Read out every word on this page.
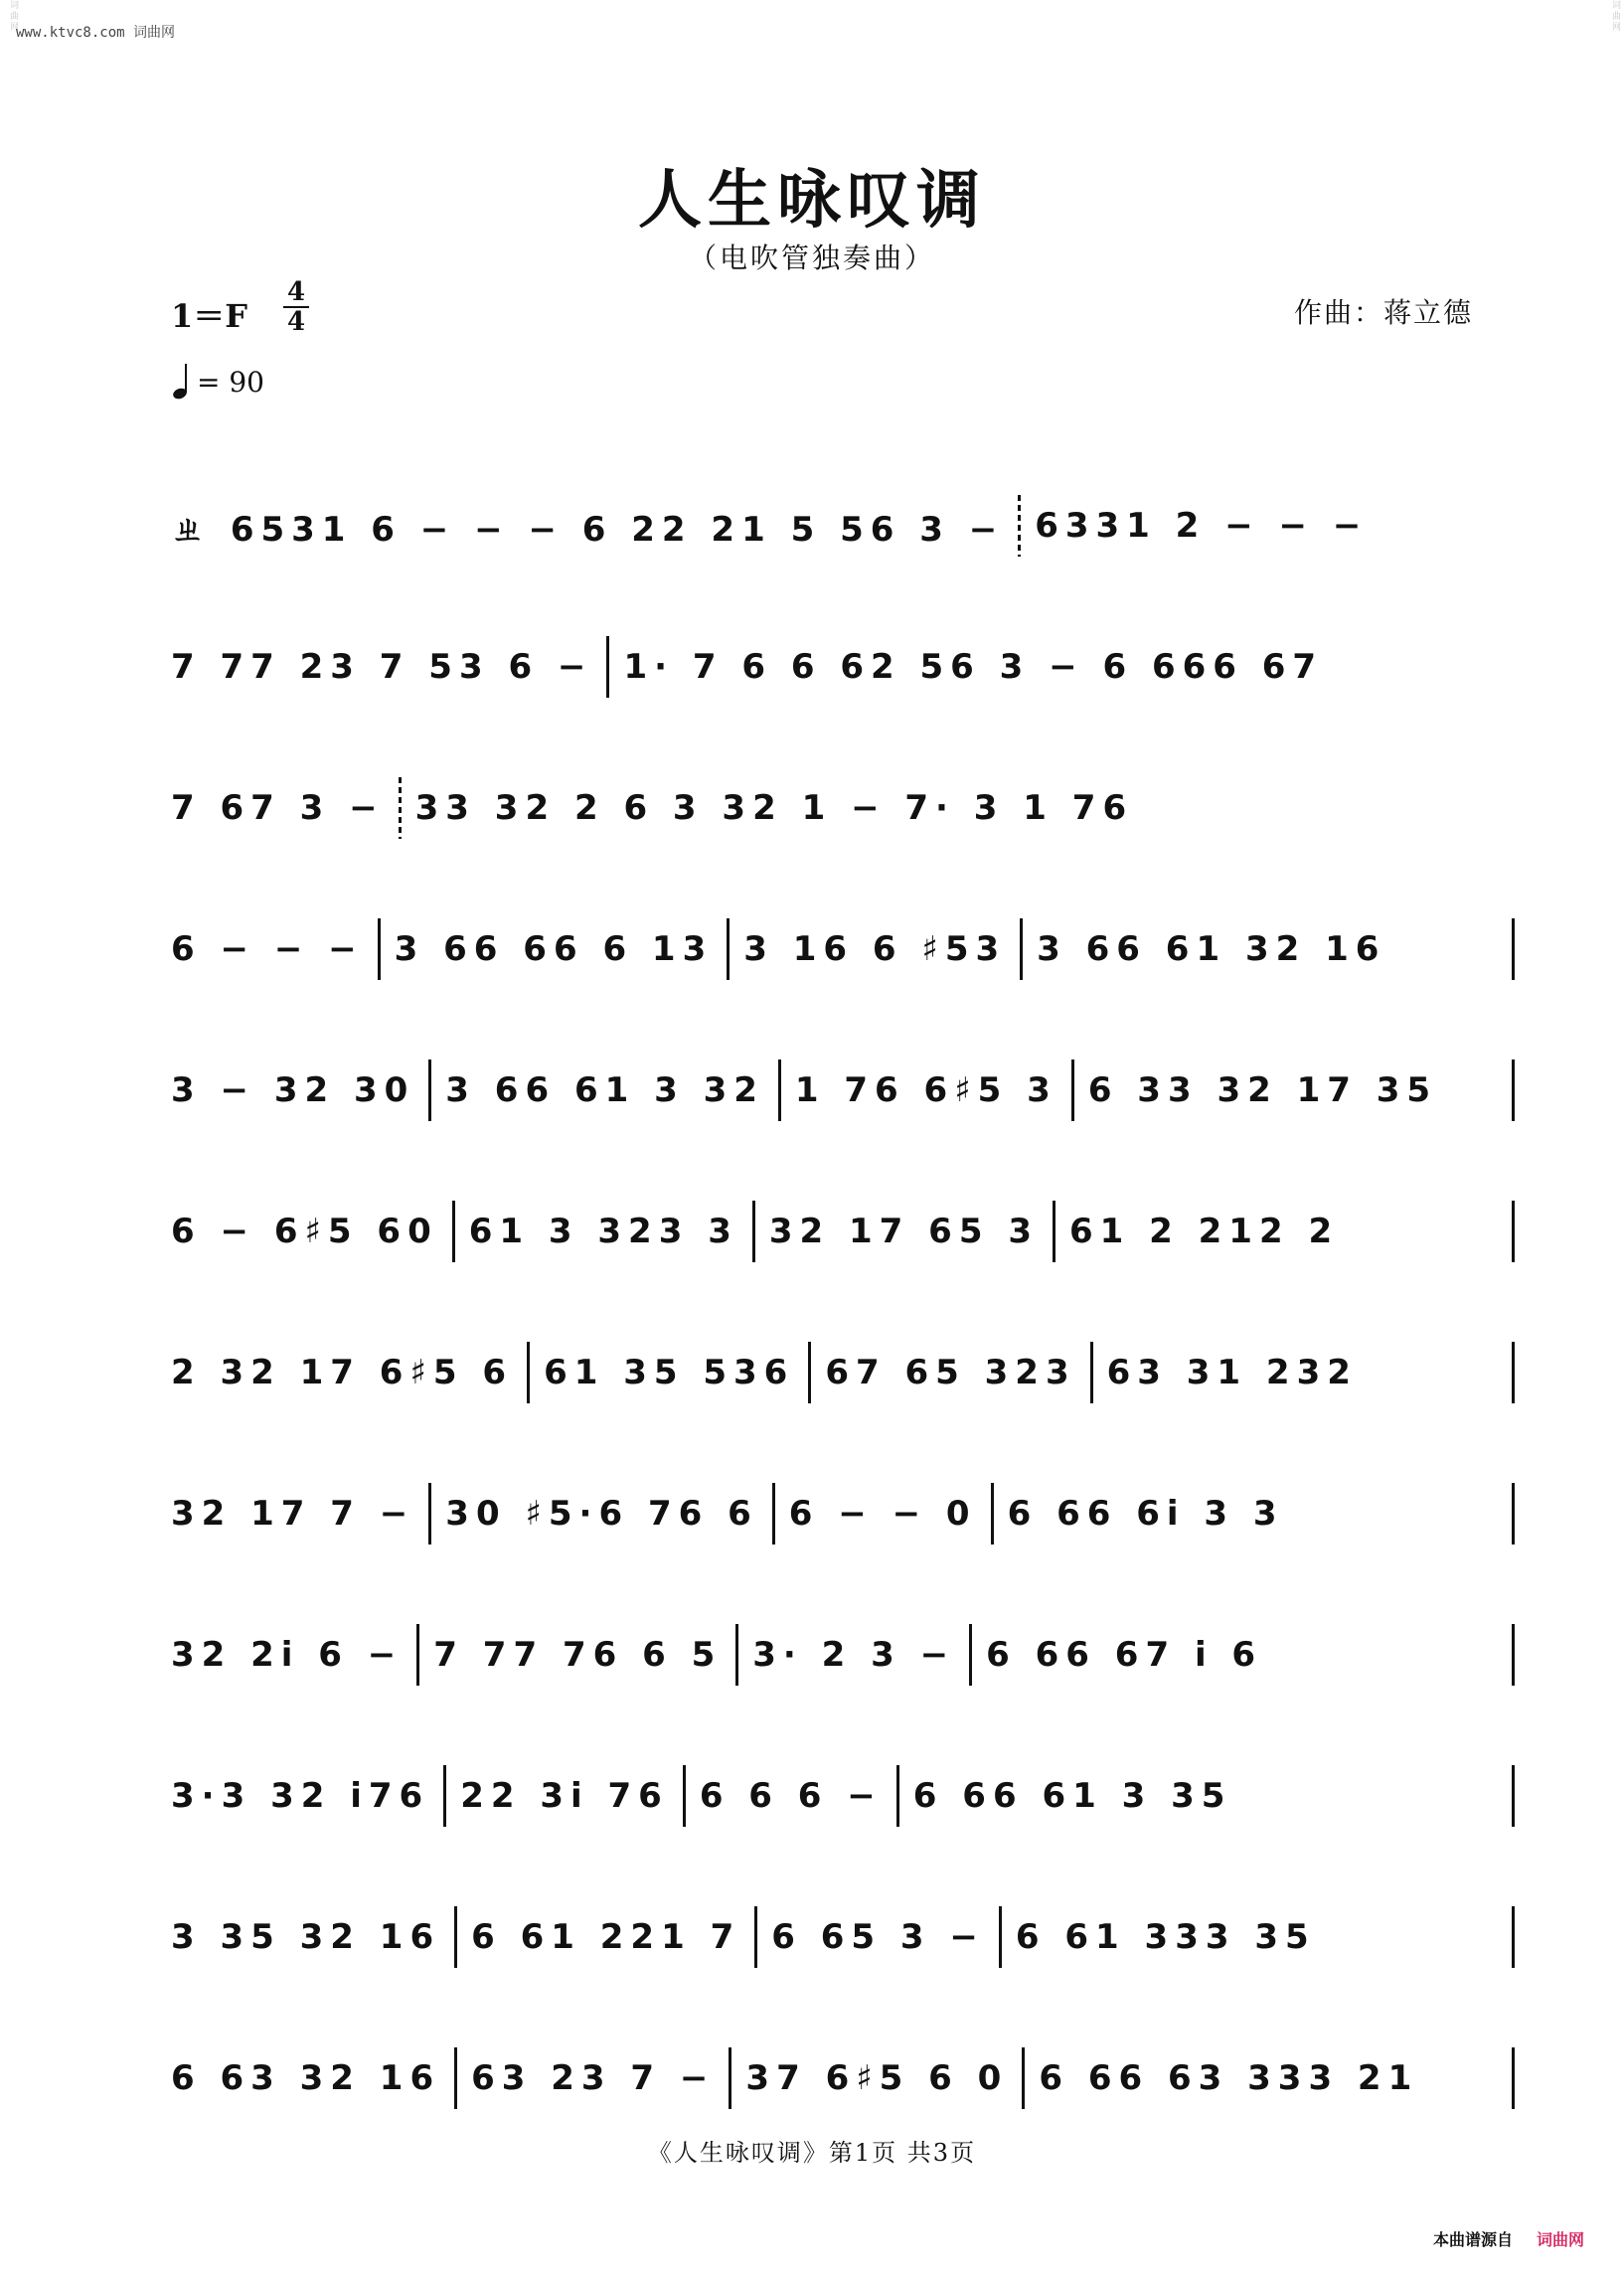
词曲网	词曲网
www.ktvc8.com 词曲网
人生咏叹调
（电吹管独奏曲）
1＝F
4
4	作曲：蒋立德
= 90
ㄓ 6531 6 − − − 6 22 21 5 56 3 − 6331 2 − − −
7 77 23 7 53 6 − 1· 7 6 6 62 56 3 − 6 666 67
7 67 3 − 33 32 2 6 3 32 1 − 7· 3 1 76
6 − − − 3 66 66 6 13 3 16 6 ♯53 3 66 61 32 16
3 − 32 30 3 66 61 3 32 1 76 6♯5 3 6 33 32 17 35
6 − 6♯5 60 61 3 323 3 32 17 65 3 61 2 212 2
2 32 17 6♯5 6 61 35 536 67 65 323 63 31 232
32 17 7 − 30 ♯5·6 76 6 6 − − 0 6 66 6i 3 3
32 2i 6 − 7 77 76 6 5 3· 2 3 − 6 66 67 i 6
3·3 32 i76 22 3i 76 6 6 6 − 6 66 61 3 35
3 35 32 16 6 61 221 7 6 65 3 − 6 61 333 35
6 63 32 16 63 23 7 − 37 6♯5 6 0 6 66 63 333 21
《人生咏叹调》第1页 共3页
本曲谱源自 词曲网
